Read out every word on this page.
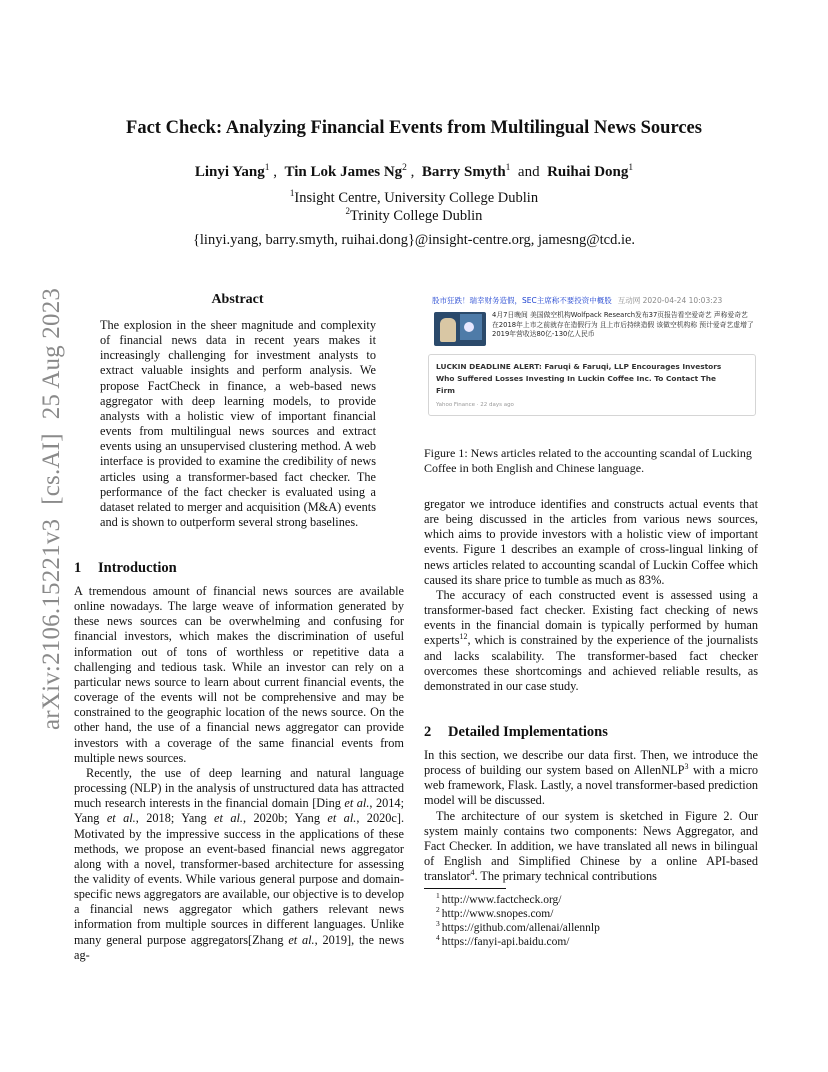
arXiv:2106.15221v3[cs.AI]25 Aug 2023
Fact Check: Analyzing Financial Events from Multilingual News Sources
Linyi Yang$^1$ , Tin Lok James Ng$^2$ , Barry Smyth$^1$ and Ruihai Dong$^1$
$^1$Insight Centre, University College Dublin
$^2$Trinity College Dublin
{linyi.yang, barry.smyth, ruihai.dong}@insight-centre.org, jamesng@tcd.ie.
Abstract

The explosion in the sheer magnitude and complexity of financial news data in recent years makes it increasingly challenging for investment analysts to extract valuable insights and perform analysis. We propose FactCheck in finance, a web-based news aggregator with deep learning models, to provide analysts with a holistic view of important financial events from multilingual news sources and extract events using an unsupervised clustering method. A web interface is provided to examine the credibility of news articles using a transformer-based fact checker. The performance of the fact checker is evaluated using a dataset related to merger and acquisition (M&A) events and is shown to outperform several strong baselines.

1 Introduction

A tremendous amount of financial news sources are available online nowadays. The large weave of information generated by these news sources can be overwhelming and confusing for financial investors, which makes the discrimination of useful information out of tons of worthless or repetitive data a challenging and tedious task. While an investor can rely on a particular news source to learn about current financial events, the coverage of the events will not be comprehensive and may be constrained to the geographic location of the news source. On the other hand, the use of a financial news aggregator can provide investors with a coverage of the same financial events from multiple news sources.

Recently, the use of deep learning and natural language processing (NLP) in the analysis of unstructured data has attracted much research interests in the financial domain [Ding et al., 2014; Yang et al., 2018; Yang et al., 2020b; Yang et al., 2020c]. Motivated by the impressive success in the applications of these methods, we propose an event-based financial news aggregator along with a novel, transformer-based architecture for assessing the validity of events. While various general purpose and domain-specific news aggregators are available, our objective is to develop a financial news aggregator which gathers relevant news information from multiple sources in different languages. Unlike many general purpose aggregators[Zhang et al., 2019], the news ag-

股市狂跌！瑞幸财务造假，SEC主席称不要投资中概股 互动网 2020-04-24 10:03:23
4月7日晚间 美国做空机构Wolfpack Research发布37页报告看空爱奇艺 声称爱奇艺在2018年上市之前就存在造假行为 且上市后持续造假 该做空机构称 预计爱奇艺虚增了2019年营收达80亿-130亿人民币
LUCKIN DEADLINE ALERT: Faruqi & Faruqi, LLP Encourages Investors Who Suffered Losses Investing In Luckin Coffee Inc. To Contact The Firm
Yahoo Finance · 22 days ago
Figure 1: News articles related to the accounting scandal of Lucking Coffee in both English and Chinese language.

gregator we introduce identifies and constructs actual events that are being discussed in the articles from various news sources, which aims to provide investors with a holistic view of important events. Figure 1 describes an example of cross-lingual linking of news articles related to accounting scandal of Luckin Coffee which caused its share price to tumble as much as 83%.

The accuracy of each constructed event is assessed using a transformer-based fact checker. Existing fact checking of news events in the financial domain is typically performed by human experts$^{12}$, which is constrained by the experience of the journalists and lacks scalability. The transformer-based fact checker overcomes these shortcomings and achieved reliable results, as demonstrated in our case study.

2 Detailed Implementations

In this section, we describe our data first. Then, we introduce the process of building our system based on AllenNLP$^3$ with a micro web framework, Flask. Lastly, a novel transformer-based prediction model will be discussed.

The architecture of our system is sketched in Figure 2. Our system mainly contains two components: News Aggregator, and Fact Checker. In addition, we have translated all news in bilingual of English and Simplified Chinese by a online API-based translator$^4$. The primary technical contributions

$^1$ http://www.factcheck.org/
$^2$ http://www.snopes.com/
$^3$ https://github.com/allenai/allennlp
$^4$ https://fanyi-api.baidu.com/
